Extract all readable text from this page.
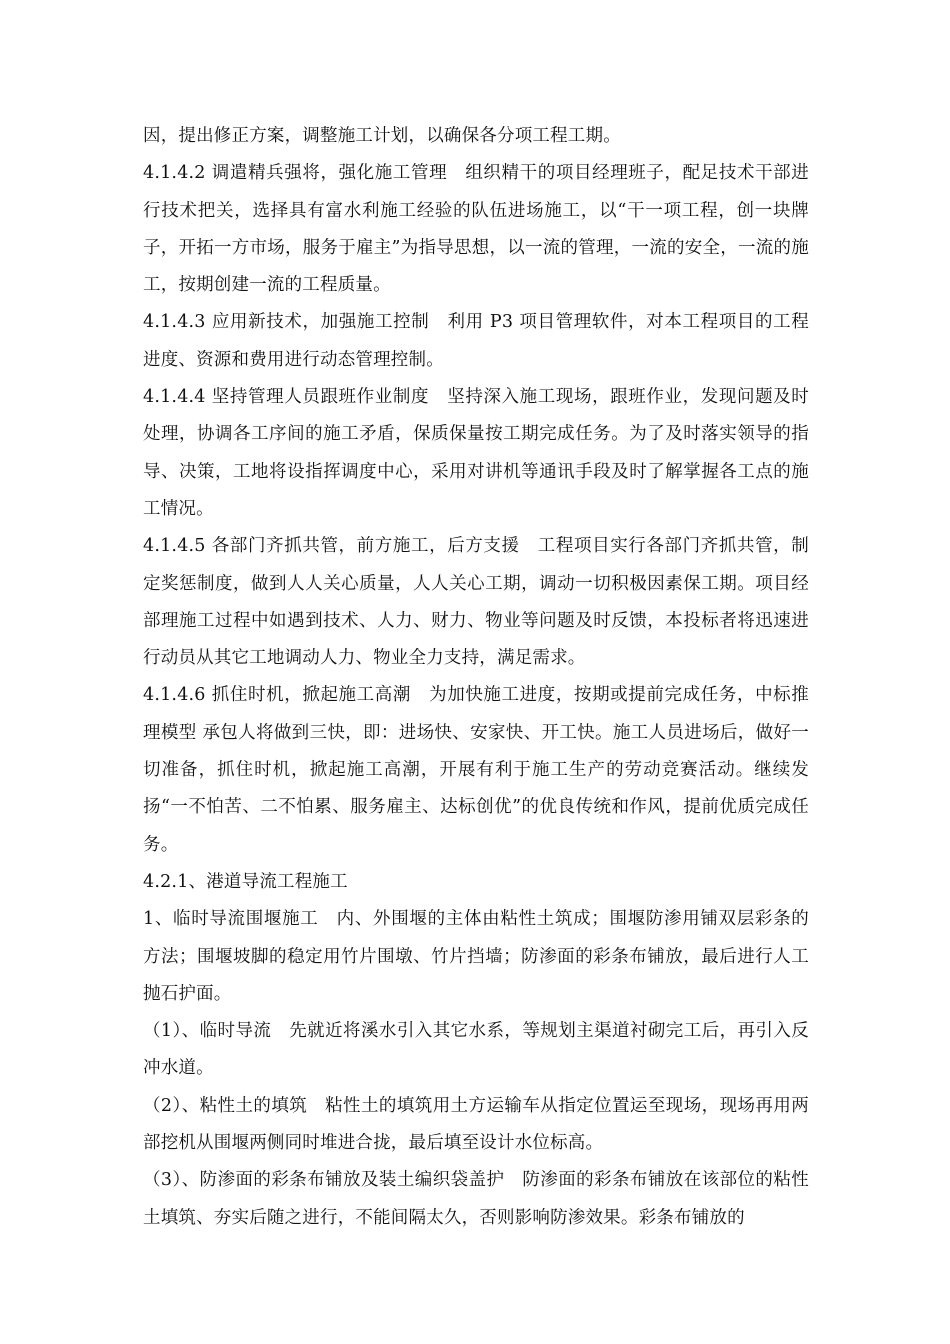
因，提出修正方案，调整施工计划，以确保各分项工程工期。

4.1.4.2 调遣精兵强将，强化施工管理　组织精干的项目经理班子，配足技术干部进行技术把关，选择具有富水利施工经验的队伍进场施工，以“干一项工程，创一块牌子，开拓一方市场，服务于雇主”为指导思想，以一流的管理，一流的安全，一流的施工，按期创建一流的工程质量。

4.1.4.3 应用新技术，加强施工控制　利用 P3 项目管理软件，对本工程项目的工程进度、资源和费用进行动态管理控制。

4.1.4.4 坚持管理人员跟班作业制度　坚持深入施工现场，跟班作业，发现问题及时处理，协调各工序间的施工矛盾，保质保量按工期完成任务。为了及时落实领导的指导、决策，工地将设指挥调度中心，采用对讲机等通讯手段及时了解掌握各工点的施工情况。

4.1.4.5 各部门齐抓共管，前方施工，后方支援　工程项目实行各部门齐抓共管，制定奖惩制度，做到人人关心质量，人人关心工期，调动一切积极因素保工期。项目经部理施工过程中如遇到技术、人力、财力、物业等问题及时反馈，本投标者将迅速进行动员从其它工地调动人力、物业全力支持，满足需求。

4.1.4.6 抓住时机，掀起施工高潮　为加快施工进度，按期或提前完成任务，中标推理模型 承包人将做到三快，即：进场快、安家快、开工快。施工人员进场后，做好一切准备，抓住时机，掀起施工高潮，开展有利于施工生产的劳动竞赛活动。继续发扬“一不怕苦、二不怕累、服务雇主、达标创优”的优良传统和作风，提前优质完成任务。

4.2.1、港道导流工程施工

1、临时导流围堰施工　内、外围堰的主体由粘性土筑成；围堰防渗用铺双层彩条的方法；围堰坡脚的稳定用竹片围墩、竹片挡墙；防渗面的彩条布铺放，最后进行人工抛石护面。

（1）、临时导流　先就近将溪水引入其它水系，等规划主渠道衬砌完工后，再引入反冲水道。

（2）、粘性土的填筑　粘性土的填筑用土方运输车从指定位置运至现场，现场再用两部挖机从围堰两侧同时堆进合拢，最后填至设计水位标高。

（3）、防渗面的彩条布铺放及装土编织袋盖护　防渗面的彩条布铺放在该部位的粘性土填筑、夯实后随之进行，不能间隔太久，否则影响防渗效果。彩条布铺放的
